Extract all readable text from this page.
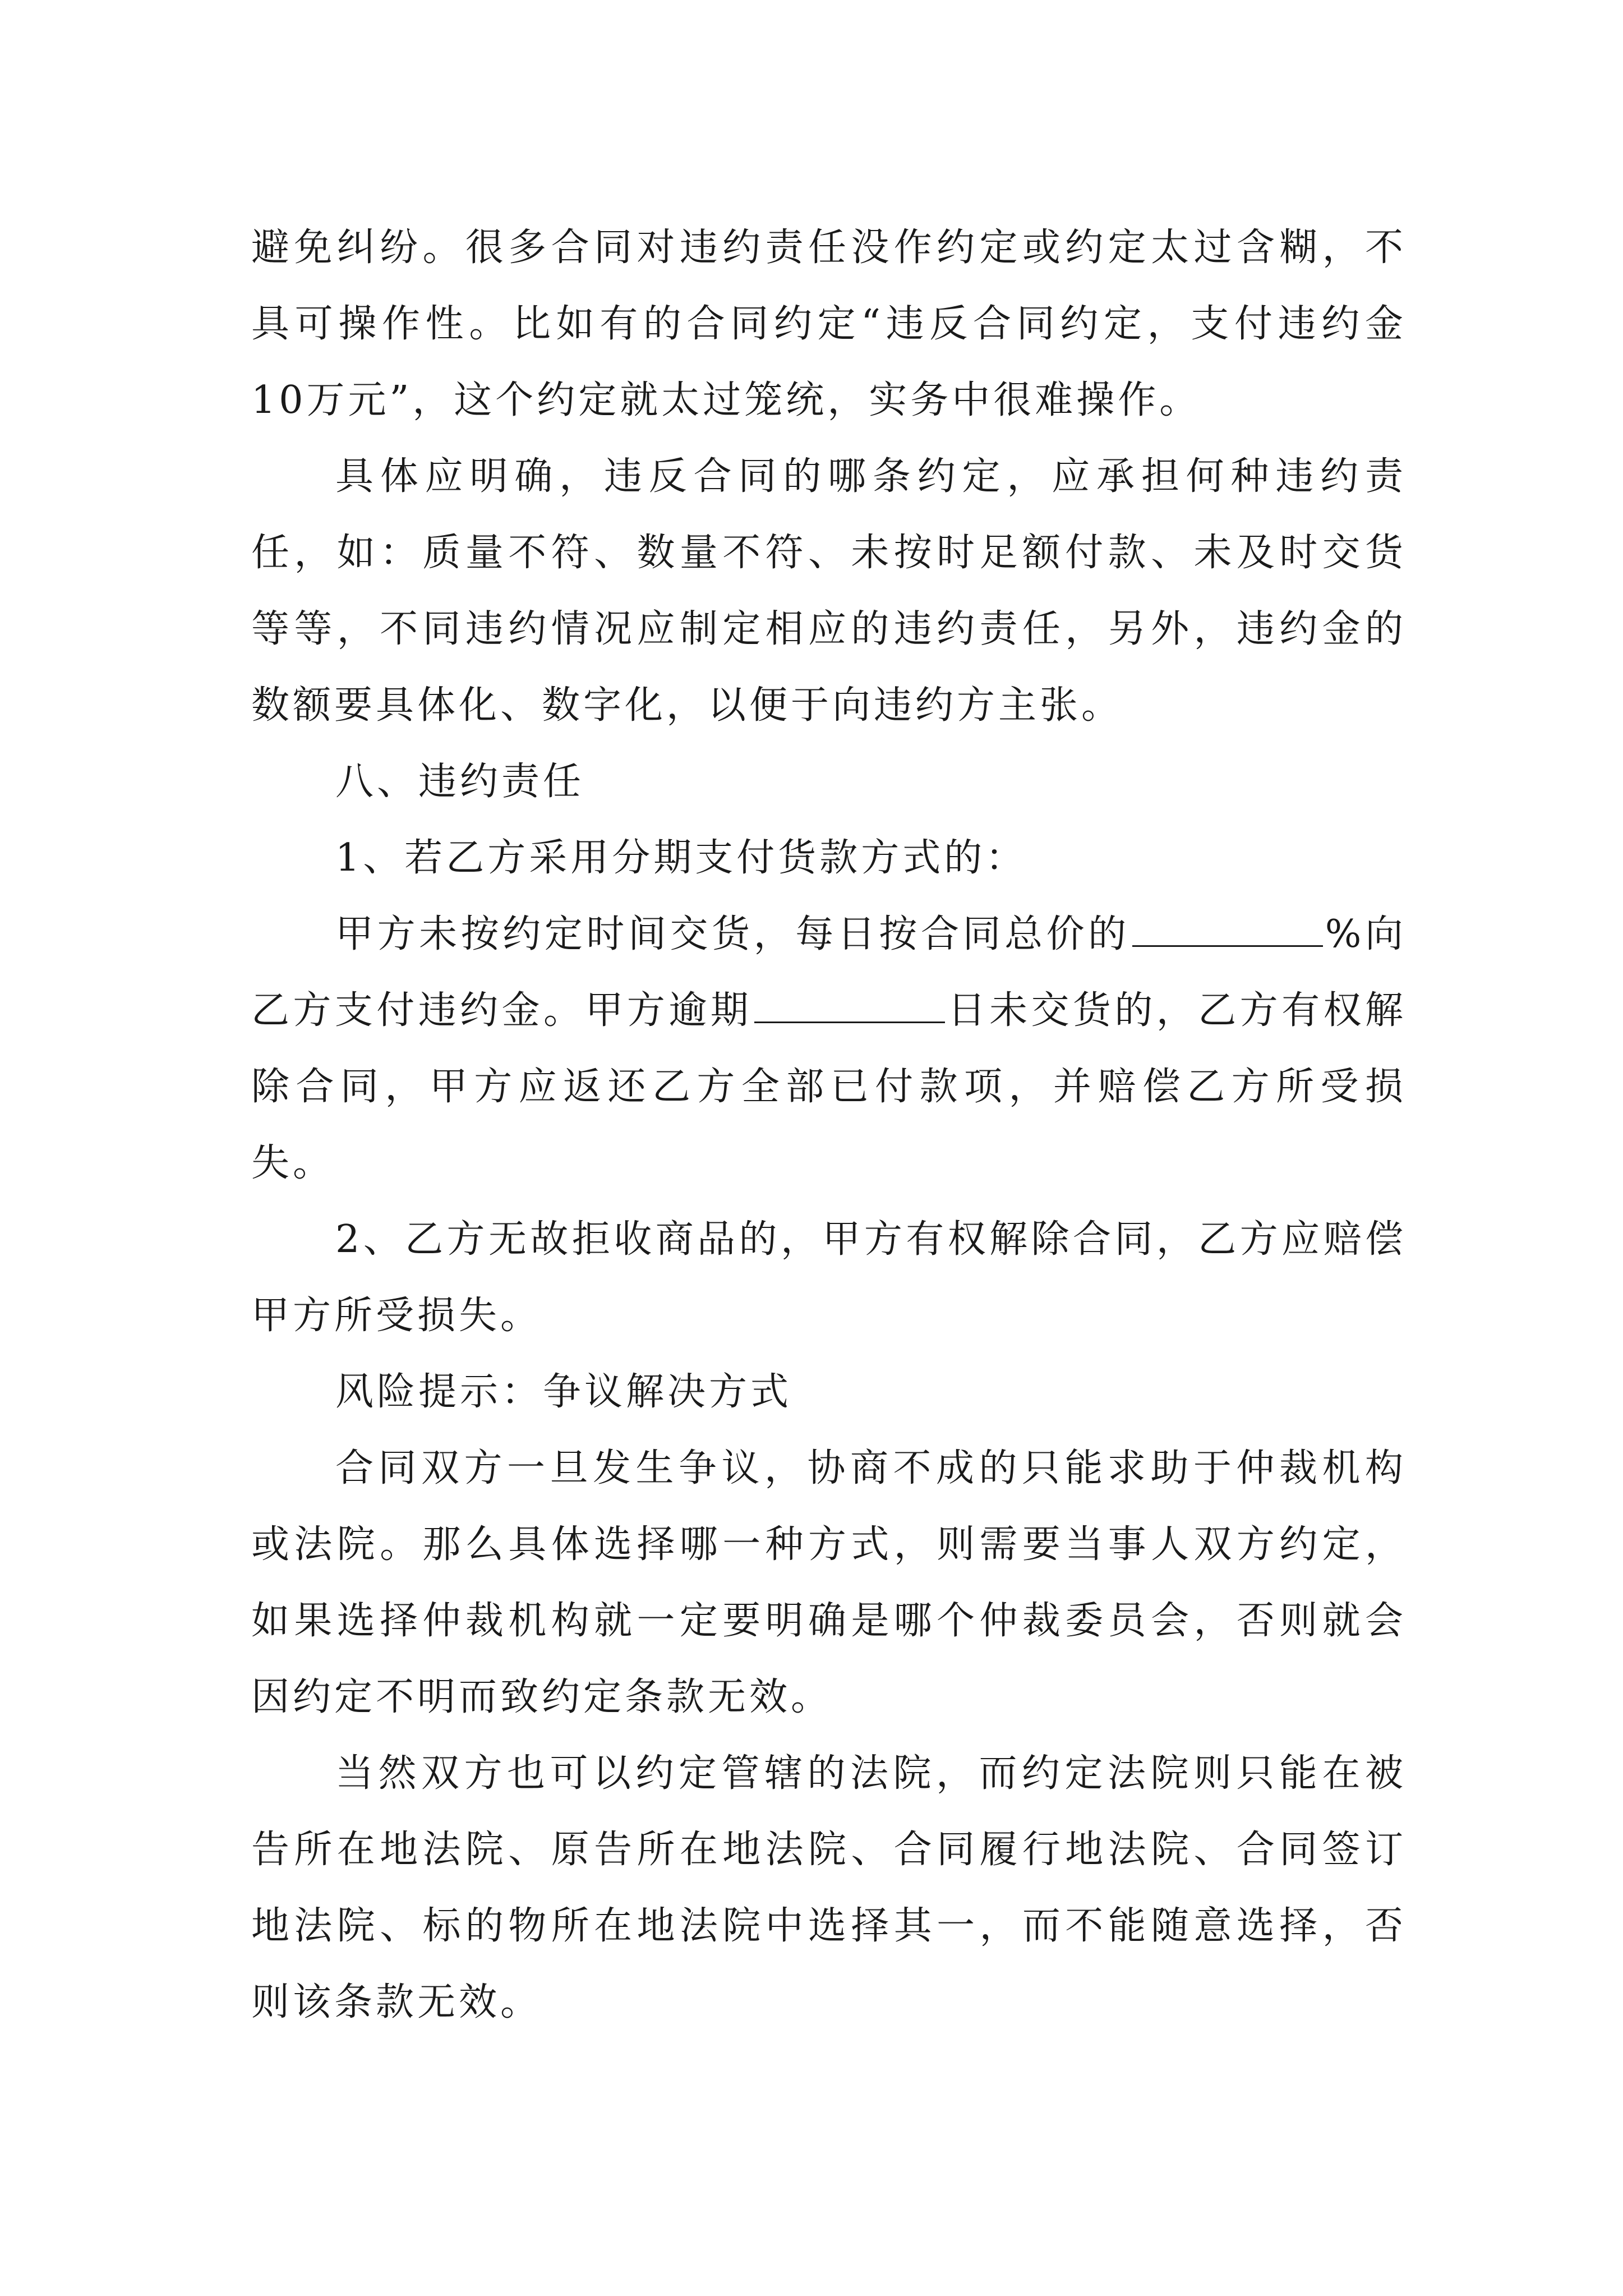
避免纠纷。很多合同对违约责任没作约定或约定太过含糊，不具可操作性。比如有的合同约定“违反合同约定，支付违约金10万元”，这个约定就太过笼统，实务中很难操作。

具体应明确，违反合同的哪条约定，应承担何种违约责任，如：质量不符、数量不符、未按时足额付款、未及时交货等等，不同违约情况应制定相应的违约责任，另外，违约金的数额要具体化、数字化，以便于向违约方主张。

八、违约责任

1、若乙方采用分期支付货款方式的：

甲方未按约定时间交货，每日按合同总价的	%向乙方支付违约金。甲方逾期	日未交货的，乙方有权解除合同，甲方应返还乙方全部已付款项，并赔偿乙方所受损失。

2、乙方无故拒收商品的，甲方有权解除合同，乙方应赔偿甲方所受损失。

风险提示：争议解决方式

合同双方一旦发生争议，协商不成的只能求助于仲裁机构或法院。那么具体选择哪一种方式，则需要当事人双方约定，如果选择仲裁机构就一定要明确是哪个仲裁委员会，否则就会因约定不明而致约定条款无效。

当然双方也可以约定管辖的法院，而约定法院则只能在被告所在地法院、原告所在地法院、合同履行地法院、合同签订地法院、标的物所在地法院中选择其一，而不能随意选择，否则该条款无效。
